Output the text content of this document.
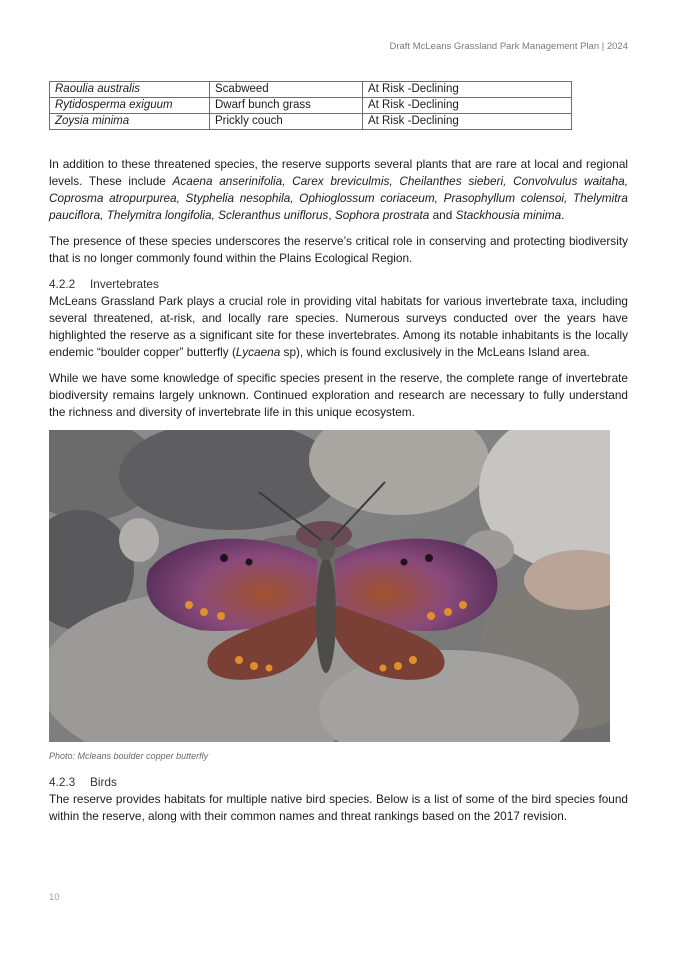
Draft McLeans Grassland Park Management Plan | 2024
Raoulia australis	Scabweed	At Risk -Declining
Rytidosperma exiguum	Dwarf bunch grass	At Risk -Declining
Zoysia minima	Prickly couch	At Risk -Declining

In addition to these threatened species, the reserve supports several plants that are rare at local and regional levels. These include Acaena anserinifolia, Carex breviculmis, Cheilanthes sieberi, Convolvulus waitaha, Coprosma atropurpurea, Styphelia nesophila, Ophioglossum coriaceum, Prasophyllum colensoi, Thelymitra pauciflora, Thelymitra longifolia, Scleranthus uniflorus, Sophora prostrata and Stackhousia minima.

The presence of these species underscores the reserve’s critical role in conserving and protecting biodiversity that is no longer commonly found within the Plains Ecological Region.

4.2.2 Invertebrates

McLeans Grassland Park plays a crucial role in providing vital habitats for various invertebrate taxa, including several threatened, at-risk, and locally rare species. Numerous surveys conducted over the years have highlighted the reserve as a significant site for these invertebrates. Among its notable inhabitants is the locally endemic “boulder copper” butterfly (Lycaena sp), which is found exclusively in the McLeans Island area.

While we have some knowledge of specific species present in the reserve, the complete range of invertebrate biodiversity remains largely unknown. Continued exploration and research are necessary to fully understand the richness and diversity of invertebrate life in this unique ecosystem.

Photo: Mcleans boulder copper butterfly
4.2.3 Birds

The reserve provides habitats for multiple native bird species. Below is a list of some of the bird species found within the reserve, along with their common names and threat rankings based on the 2017 revision.

10
